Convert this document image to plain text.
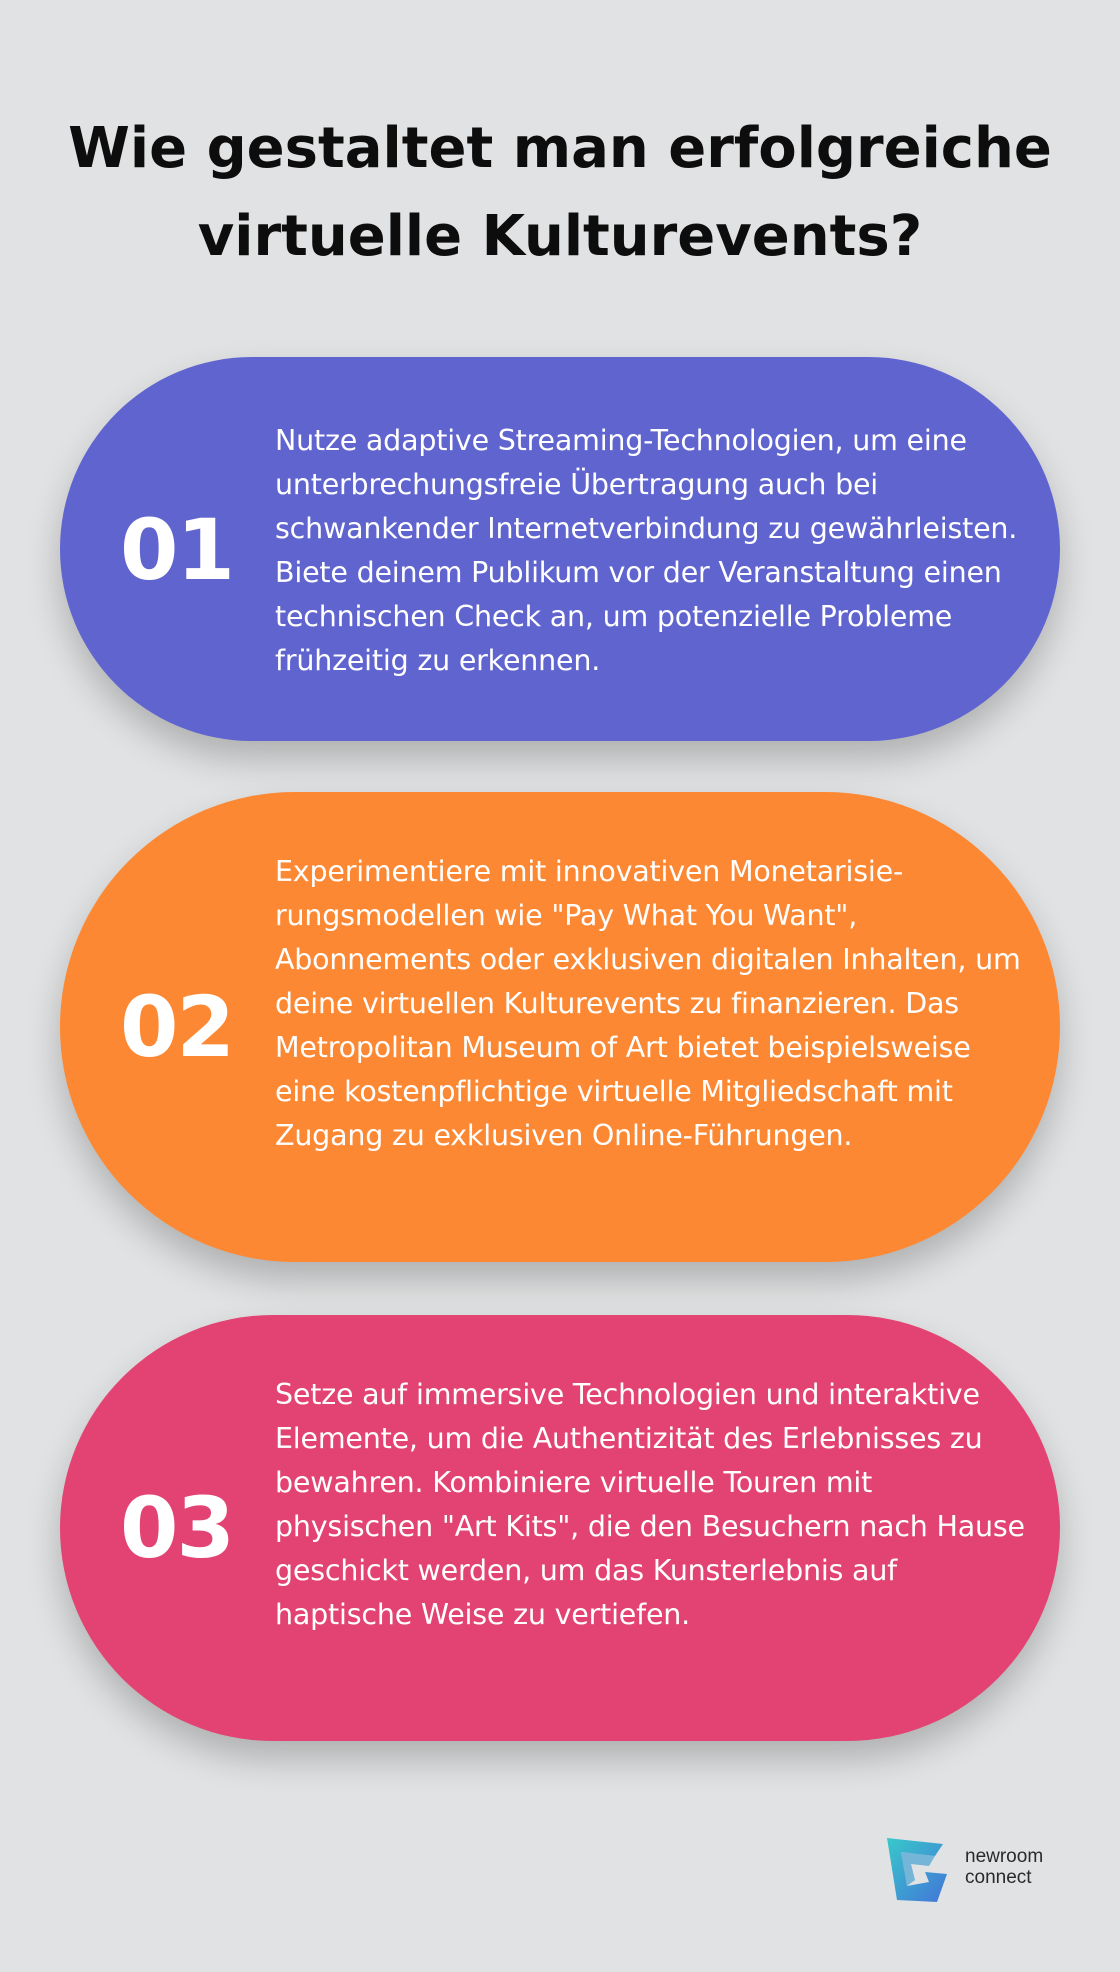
Wie gestaltet man erfolgreiche
virtuelle Kulturevents?
01

Nutze adaptive Streaming-Technologien, um eine unterbrechungsfreie Übertragung auch bei schwankender Internetverbindung zu gewährleisten. Biete deinem Publikum vor der Veranstaltung einen technischen Check an, um potenzielle Probleme frühzeitig zu erkennen.

02

Experimentiere mit innovativen Monetarisie-rungsmodellen wie "Pay What You Want", Abonnements oder exklusiven digitalen Inhalten, um deine virtuellen Kulturevents zu finanzieren. Das Metropolitan Museum of Art bietet beispielsweise eine kostenpflichtige virtuelle Mitgliedschaft mit Zugang zu exklusiven Online-Führungen.

03

Setze auf immersive Technologien und interaktive Elemente, um die Authentizität des Erlebnisses zu bewahren. Kombiniere virtuelle Touren mit physischen "Art Kits", die den Besuchern nach Hause geschickt werden, um das Kunsterlebnis auf haptische Weise zu vertiefen.

newroom
connect
